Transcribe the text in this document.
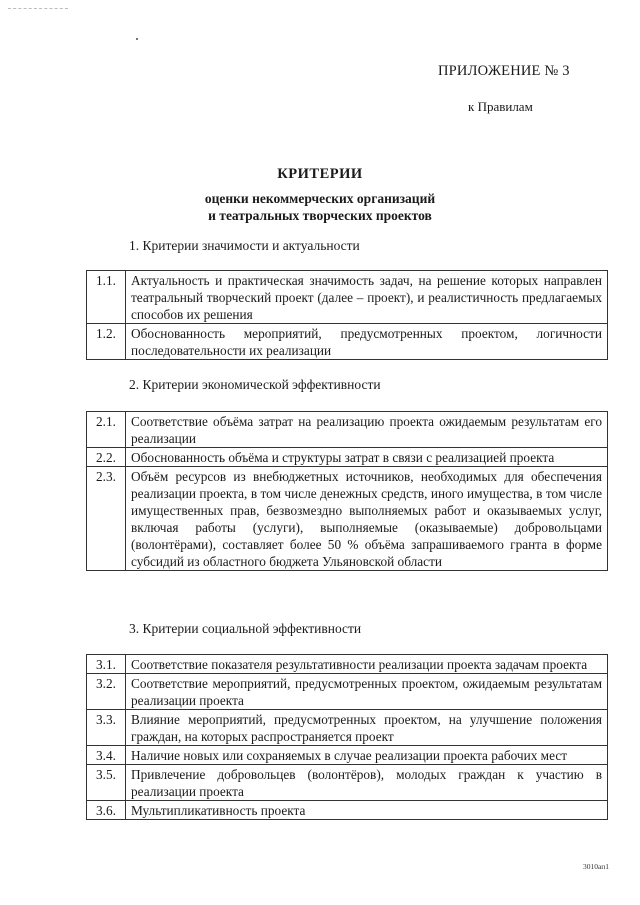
ПРИЛОЖЕНИЕ № 3
к Правилам
КРИТЕРИИ
оценки некоммерческих организаций
и театральных творческих проектов
1. Критерии значимости и актуальности
1.1.	Актуальность и практическая значимость задач, на решение которых направлен театральный творческий проект (далее – проект), и реалистичность предлагаемых способов их решения
1.2.	Обоснованность мероприятий, предусмотренных проектом, логичности последовательности их реализации
2. Критерии экономической эффективности
2.1.	Соответствие объёма затрат на реализацию проекта ожидаемым результатам его реализации
2.2.	Обоснованность объёма и структуры затрат в связи с реализацией проекта
2.3.	Объём ресурсов из внебюджетных источников, необходимых для обеспечения реализации проекта, в том числе денежных средств, иного имущества, в том числе имущественных прав, безвозмездно выполняемых работ и оказываемых услуг, включая работы (услуги), выполняемые (оказываемые) добровольцами (волонтёрами), составляет более 50 % объёма запрашиваемого гранта в форме субсидий из областного бюджета Ульяновской области
3. Критерии социальной эффективности
3.1.	Соответствие показателя результативности реализации проекта задачам проекта
3.2.	Соответствие мероприятий, предусмотренных проектом, ожидаемым результатам реализации проекта
3.3.	Влияние мероприятий, предусмотренных проектом, на улучшение положения граждан, на которых распространяется проект
3.4.	Наличие новых или сохраняемых в случае реализации проекта рабочих мест
3.5.	Привлечение добровольцев (волонтёров), молодых граждан к участию в реализации проекта
3.6.	Мультипликативность проекта
3010ап1
